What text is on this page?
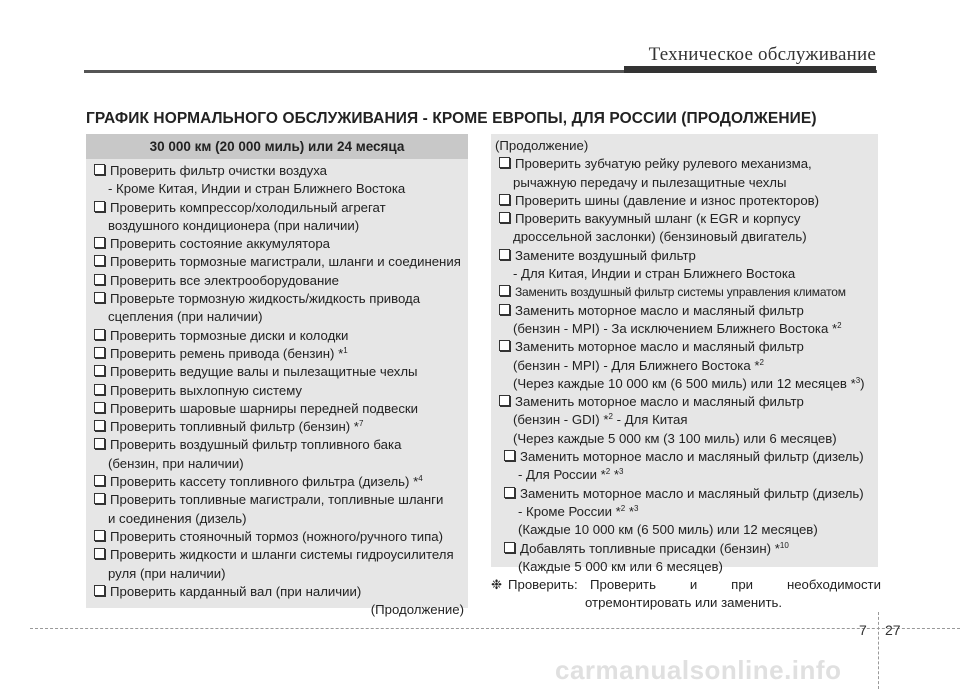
Техническое обслуживание
ГРАФИК НОРМАЛЬНОГО ОБСЛУЖИВАНИЯ - КРОМЕ ЕВРОПЫ, ДЛЯ РОССИИ (ПРОДОЛЖЕНИЕ)
30 000 км (20 000 миль) или 24 месяца
Проверить фильтр очистки воздуха
- Кроме Китая, Индии и стран Ближнего Востока
Проверить компрессор/холодильный агрегат
воздушного кондиционера (при наличии)
Проверить состояние аккумулятора
Проверить тормозные магистрали, шланги и соединения
Проверить все электрооборудование
Проверьте тормозную жидкость/жидкость привода
сцепления (при наличии)
Проверить тормозные диски и колодки
Проверить ремень привода (бензин) *$^1$
Проверить ведущие валы и пылезащитные чехлы
Проверить выхлопную систему
Проверить шаровые шарниры передней подвески
Проверить топливный фильтр (бензин) *$^7$
Проверить воздушный фильтр топливного бака
(бензин, при наличии)
Проверить кассету топливного фильтра (дизель) *$^4$
Проверить топливные магистрали, топливные шланги
и соединения (дизель)
Проверить стояночный тормоз (ножного/ручного типа)
Проверить жидкости и шланги системы гидроусилителя
руля (при наличии)
Проверить карданный вал (при наличии)
(Продолжение)
(Продолжение)
Проверить зубчатую рейку рулевого механизма,
рычажную передачу и пылезащитные чехлы
Проверить шины (давление и износ протекторов)
Проверить вакуумный шланг (к EGR и корпусу
дроссельной заслонки) (бензиновый двигатель)
Замените воздушный фильтр
- Для Китая, Индии и стран Ближнего Востока
Заменить воздушный фильтр системы управления климатом
Заменить моторное масло и масляный фильтр
(бензин - MPI) - За исключением Ближнего Востока *$^2$
Заменить моторное масло и масляный фильтр
(бензин - MPI) - Для Ближнего Востока *$^2$
(Через каждые 10 000 км (6 500 миль) или 12 месяцев *$^3$)
Заменить моторное масло и масляный фильтр
(бензин - GDI) *$^2$ - Для Китая
(Через каждые 5 000 км (3 100 миль) или 6 месяцев)
Заменить моторное масло и масляный фильтр (дизель)
- Для России *$^2$ *$^3$
Заменить моторное масло и масляный фильтр (дизель)
- Кроме России *$^2$ *$^3$
(Каждые 10 000 км (6 500 миль) или 12 месяцев)
Добавлять топливные присадки (бензин) *$^{10}$
(Каждые 5 000 км или 6 месяцев)
❉ Проверить: Проверить	и	при	необходимости
отремонтировать или заменить.
7 27
carmanualsonline.info
